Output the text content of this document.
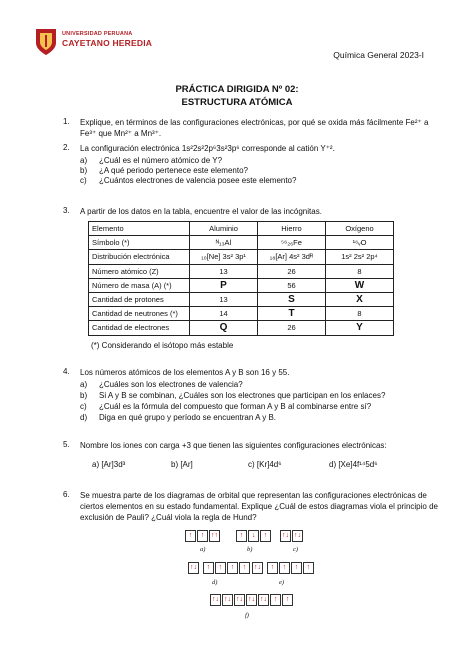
UNIVERSIDAD PERUANA
CAYETANO HEREDIA
Química General 2023-I
PRÁCTICA DIRIGIDA Nº 02:
ESTRUCTURA ATÓMICA
1. Explique, en términos de las configuraciones electrónicas, por qué se oxida más fácilmente Fe²⁺ a
Fe³⁺ que Mn²⁺ a Mn³⁺.
2. La configuración electrónica 1s²2s²2p⁶3s²3p⁶ corresponde al catión Y⁺².
a) ¿Cuál es el número atómico de Y?
b) ¿A qué periodo pertenece este elemento?
c) ¿Cuántos electrones de valencia posee este elemento?
3. A partir de los datos en la tabla, encuentre el valor de las incógnitas.
Elemento	Aluminio	Hierro	Oxígeno
Símbolo (*)	ᴺ₁₃Al	⁵⁶₂₆Fe	¹⁶ᵥO
Distribución electrónica	₁₀[Ne] 3s² 3p¹	₁₈[Ar] 4s² 3dᴿ	1s² 2s² 2p⁴
Número atómico (Z)	13	26	8
Número de masa (A) (*)	P	56	W
Cantidad de protones	13	S	X
Cantidad de neutrones (*)	14	T	8
Cantidad de electrones	Q	26	Y
(*) Considerando el isótopo más estable
4. Los números atómicos de los elementos A y B son 16 y 55.
a) ¿Cuáles son los electrones de valencia?
b) Si A y B se combinan, ¿Cuáles son los electrones que participan en los enlaces?
c) ¿Cuál es la fórmula del compuesto que forman A y B al combinarse entre sí?
d) Diga en qué grupo y período se encuentran A y B.
5. Nombre los iones con carga +3 que tienen las siguientes configuraciones electrónicas:
a) [Ar]3d³	b) [Ar]	c) [Kr]4d⁶	d) [Xe]4f¹⁴5d⁶
6. Se muestra parte de los diagramas de orbital que representan las configuraciones electrónicas de
ciertos elementos en su estado fundamental. Explique ¿Cuál de estos diagramas viola el principio de
exclusión de Pauli? ¿Cuál viola la regla de Hund?
↑	↑ ↑↑
a)
↑	↓	↑
b)
↑↓ ↑↓
c)
↑↓	↑	↑	↑	↑
d)
↑↓	↑	↑	↑	↑
e)
↑↓ ↑↓ ↑↓ ↑↓ ↑↓ ↑	↑
f)
